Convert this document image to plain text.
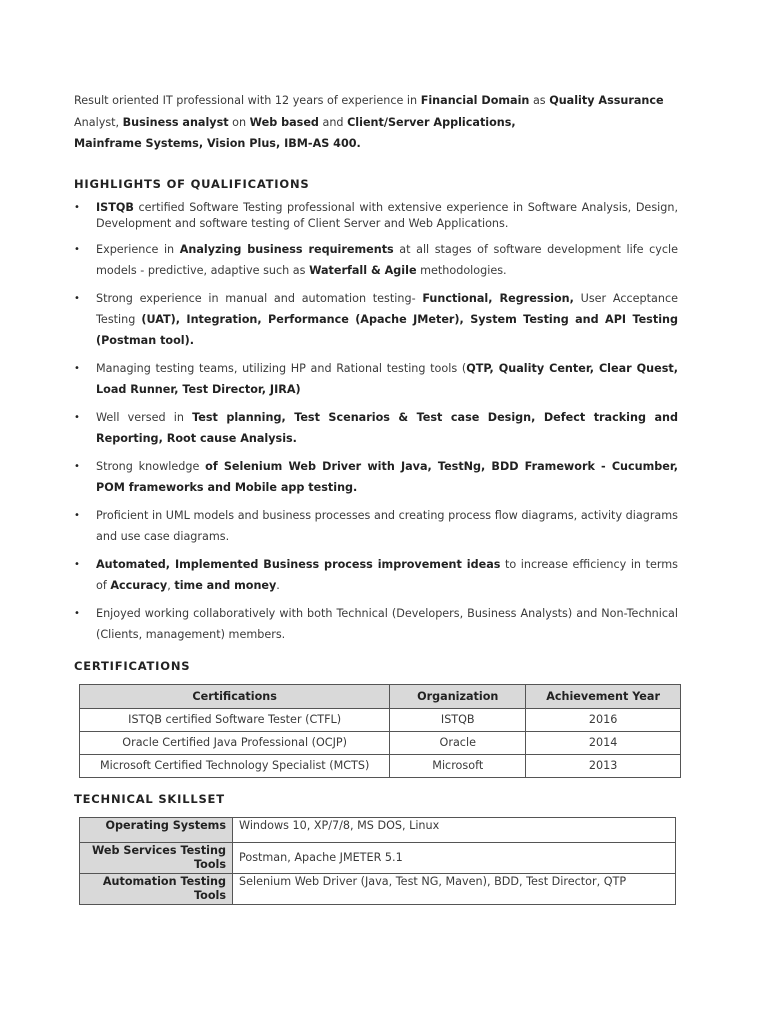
Result oriented IT professional with 12 years of experience in Financial Domain as Quality Assurance
Analyst, Business analyst on Web based and Client/Server Applications,
Mainframe Systems, Vision Plus, IBM-AS 400.

HIGHLIGHTS OF QUALIFICATIONS
• ISTQB certified Software Testing professional with extensive experience in Software Analysis, Design, Development and software testing of Client Server and Web Applications.
• Experience in Analyzing business requirements at all stages of software development life cycle models - predictive, adaptive such as Waterfall & Agile methodologies.
• Strong experience in manual and automation testing- Functional, Regression, User Acceptance Testing (UAT), Integration, Performance (Apache JMeter), System Testing and API Testing (Postman tool).
• Managing testing teams, utilizing HP and Rational testing tools (QTP, Quality Center, Clear Quest, Load Runner, Test Director, JIRA)
• Well versed in Test planning, Test Scenarios & Test case Design, Defect tracking and Reporting, Root cause Analysis.
• Strong knowledge of Selenium Web Driver with Java, TestNg, BDD Framework - Cucumber, POM frameworks and Mobile app testing.
• Proficient in UML models and business processes and creating process flow diagrams, activity diagrams and use case diagrams.
• Automated, Implemented Business process improvement ideas to increase efficiency in terms of Accuracy, time and money.
• Enjoyed working collaboratively with both Technical (Developers, Business Analysts) and Non-Technical (Clients, management) members.
CERTIFICATIONS
Certifications	Organization	Achievement Year
ISTQB certified Software Tester (CTFL)	ISTQB	2016
Oracle Certified Java Professional (OCJP)	Oracle	2014
Microsoft Certified Technology Specialist (MCTS)	Microsoft	2013
TECHNICAL SKILLSET
Operating Systems	Windows 10, XP/7/8, MS DOS, Linux
Web Services Testing Tools	Postman, Apache JMETER 5.1
Automation Testing Tools	Selenium Web Driver (Java, Test NG, Maven), BDD, Test Director, QTP
